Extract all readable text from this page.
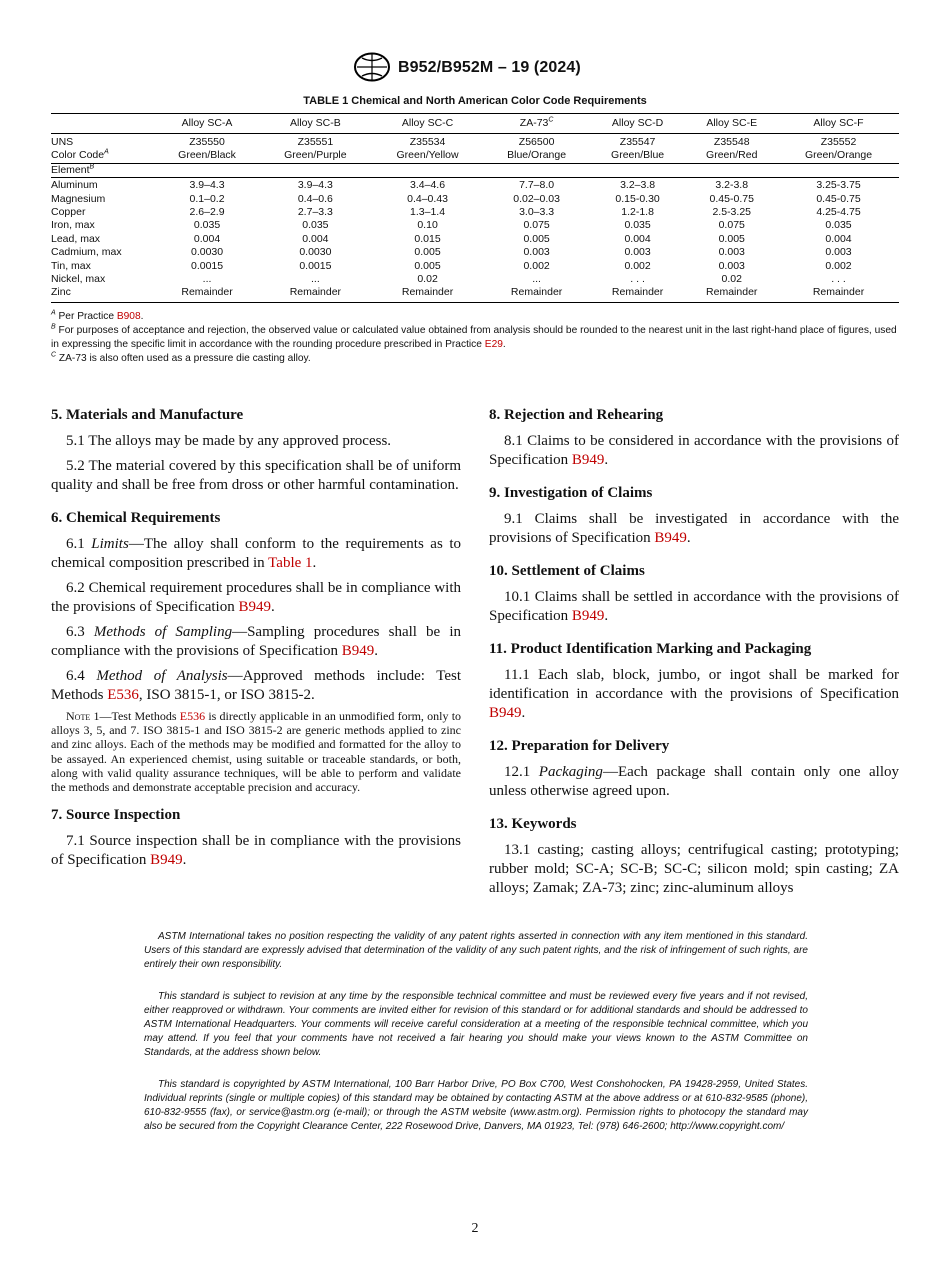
B952/B952M – 19 (2024)
TABLE 1 Chemical and North American Color Code Requirements
	Alloy SC-A	Alloy SC-B	Alloy SC-C	$ZA-73^C$	Alloy SC-D	Alloy SC-E	Alloy SC-F
UNS	Z35550	Z35551	Z35534	Z56500	Z35547	Z35548	Z35552
Color Code$^A$	Green/Black	Green/Purple	Green/Yellow	Blue/Orange	Green/Blue	Green/Red	Green/Orange
Element$^B$	
Aluminum	3.9–4.3	3.9–4.3	3.4–4.6	7.7–8.0	3.2–3.8	3.2-3.8	3.25-3.75
Magnesium	0.1–0.2	0.4–0.6	0.4–0.43	0.02–0.03	0.15-0.30	0.45-0.75	0.45-0.75
Copper	2.6–2.9	2.7–3.3	1.3–1.4	3.0–3.3	1.2-1.8	2.5-3.25	4.25-4.75
Iron, max	0.035	0.035	0.10	0.075	0.035	0.075	0.035
Lead, max	0.004	0.004	0.015	0.005	0.004	0.005	0.004
Cadmium, max	0.0030	0.0030	0.005	0.003	0.003	0.003	0.003
Tin, max	0.0015	0.0015	0.005	0.002	0.002	0.003	0.002
Nickel, max	...	...	0.02	...	. . .	0.02	. . .
Zinc	Remainder	Remainder	Remainder	Remainder	Remainder	Remainder	Remainder

$^A$ Per Practice B908.

$^B$ For purposes of acceptance and rejection, the observed value or calculated value obtained from analysis should be rounded to the nearest unit in the last right-hand place of figures, used in expressing the specific limit in accordance with the rounding procedure prescribed in Practice E29.

$^C$ ZA-73 is also often used as a pressure die casting alloy.

5. Materials and Manufacture
5.1 The alloys may be made by any approved process.
5.2 The material covered by this specification shall be of uniform quality and shall be free from dross or other harmful contamination.
6. Chemical Requirements
6.1 Limits—The alloy shall conform to the requirements as to chemical composition prescribed in Table 1.
6.2 Chemical requirement procedures shall be in compliance with the provisions of Specification B949.
6.3 Methods of Sampling—Sampling procedures shall be in compliance with the provisions of Specification B949.
6.4 Method of Analysis—Approved methods include: Test Methods E536, ISO 3815-1, or ISO 3815-2.
Note 1—Test Methods E536 is directly applicable in an unmodified form, only to alloys 3, 5, and 7. ISO 3815-1 and ISO 3815-2 are generic methods applied to zinc and zinc alloys. Each of the methods may be modified and formatted for the alloy to be assayed. An experienced chemist, using suitable or traceable standards, or both, along with valid quality assurance techniques, will be able to perform and validate the methods and demonstrate acceptable precision and accuracy.
7. Source Inspection
7.1 Source inspection shall be in compliance with the provisions of Specification B949.
8. Rejection and Rehearing
8.1 Claims to be considered in accordance with the provisions of Specification B949.
9. Investigation of Claims
9.1 Claims shall be investigated in accordance with the provisions of Specification B949.
10. Settlement of Claims
10.1 Claims shall be settled in accordance with the provisions of Specification B949.
11. Product Identification Marking and Packaging
11.1 Each slab, block, jumbo, or ingot shall be marked for identification in accordance with the provisions of Specification B949.
12. Preparation for Delivery
12.1 Packaging—Each package shall contain only one alloy unless otherwise agreed upon.
13. Keywords
13.1 casting; casting alloys; centrifugical casting; prototyping; rubber mold; SC-A; SC-B; SC-C; silicon mold; spin casting; ZA alloys; Zamak; ZA-73; zinc; zinc-aluminum alloys

ASTM International takes no position respecting the validity of any patent rights asserted in connection with any item mentioned in this standard. Users of this standard are expressly advised that determination of the validity of any such patent rights, and the risk of infringement of such rights, are entirely their own responsibility.

This standard is subject to revision at any time by the responsible technical committee and must be reviewed every five years and if not revised, either reapproved or withdrawn. Your comments are invited either for revision of this standard or for additional standards and should be addressed to ASTM International Headquarters. Your comments will receive careful consideration at a meeting of the responsible technical committee, which you may attend. If you feel that your comments have not received a fair hearing you should make your views known to the ASTM Committee on Standards, at the address shown below.

This standard is copyrighted by ASTM International, 100 Barr Harbor Drive, PO Box C700, West Conshohocken, PA 19428-2959, United States. Individual reprints (single or multiple copies) of this standard may be obtained by contacting ASTM at the above address or at 610-832-9585 (phone), 610-832-9555 (fax), or service@astm.org (e-mail); or through the ASTM website (www.astm.org). Permission rights to photocopy the standard may also be secured from the Copyright Clearance Center, 222 Rosewood Drive, Danvers, MA 01923, Tel: (978) 646-2600; http://www.copyright.com/

2
